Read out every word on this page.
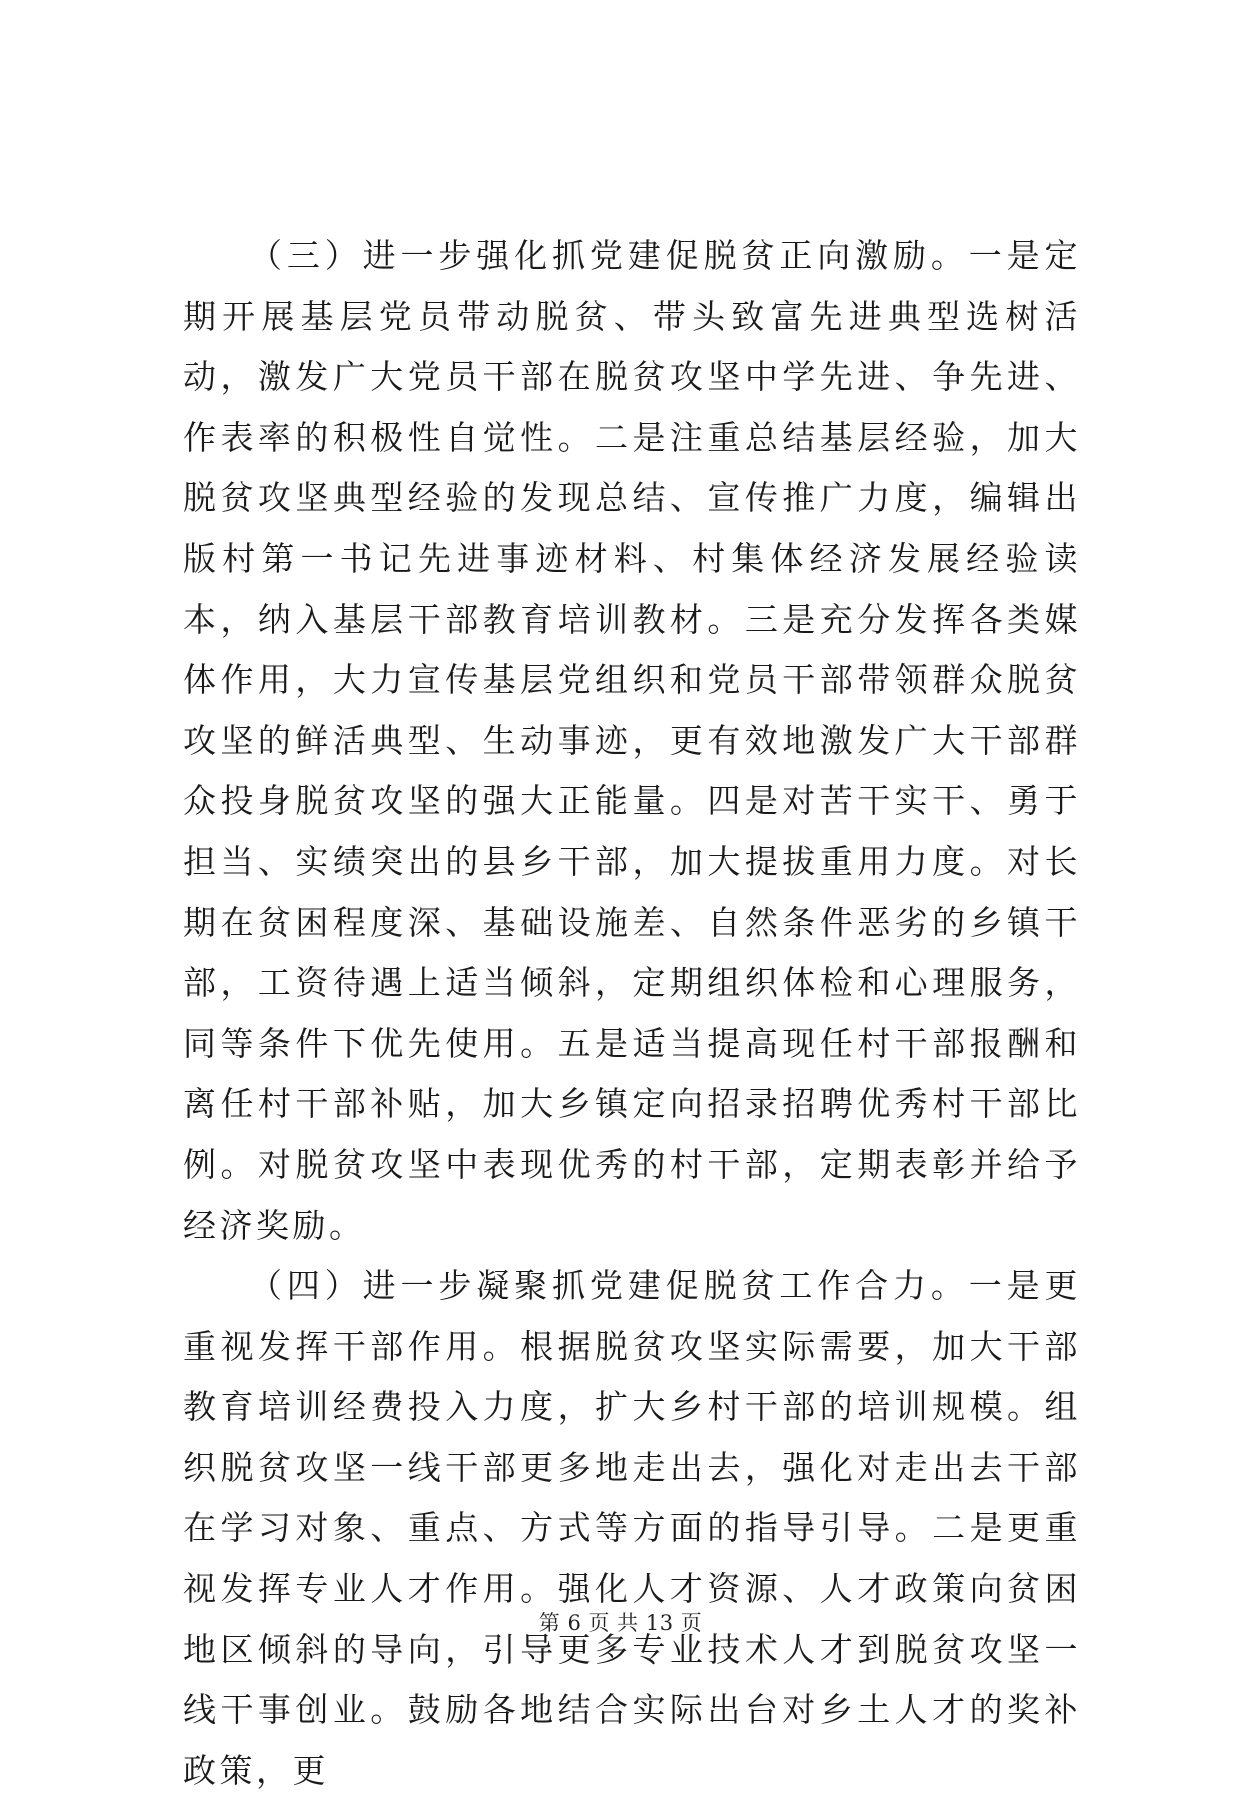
（三）进一步强化抓党建促脱贫正向激励。一是定期开展基层党员带动脱贫、带头致富先进典型选树活动，激发广大党员干部在脱贫攻坚中学先进、争先进、作表率的积极性自觉性。二是注重总结基层经验，加大脱贫攻坚典型经验的发现总结、宣传推广力度，编辑出版村第一书记先进事迹材料、村集体经济发展经验读本，纳入基层干部教育培训教材。三是充分发挥各类媒体作用，大力宣传基层党组织和党员干部带领群众脱贫攻坚的鲜活典型、生动事迹，更有效地激发广大干部群众投身脱贫攻坚的强大正能量。四是对苦干实干、勇于担当、实绩突出的县乡干部，加大提拔重用力度。对长期在贫困程度深、基础设施差、自然条件恶劣的乡镇干部，工资待遇上适当倾斜，定期组织体检和心理服务，同等条件下优先使用。五是适当提高现任村干部报酬和离任村干部补贴，加大乡镇定向招录招聘优秀村干部比例。对脱贫攻坚中表现优秀的村干部，定期表彰并给予经济奖励。

（四）进一步凝聚抓党建促脱贫工作合力。一是更重视发挥干部作用。根据脱贫攻坚实际需要，加大干部教育培训经费投入力度，扩大乡村干部的培训规模。组织脱贫攻坚一线干部更多地走出去，强化对走出去干部在学习对象、重点、方式等方面的指导引导。二是更重视发挥专业人才作用。强化人才资源、人才政策向贫困地区倾斜的导向，引导更多专业技术人才到脱贫攻坚一线干事创业。鼓励各地结合实际出台对乡土人才的奖补政策，更

第 6 页 共 13 页
